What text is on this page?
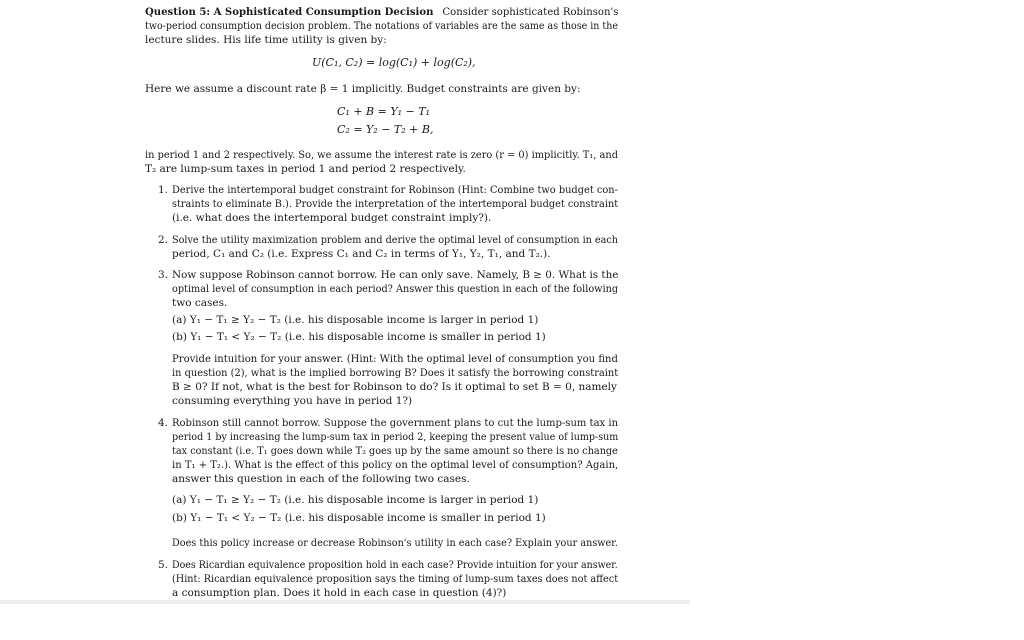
Question 5: A Sophisticated Consumption Decision Consider sophisticated Robinson's
two-period consumption decision problem. The notations of variables are the same as those in the
lecture slides. His life time utility is given by:
U(C₁, C₂) = log(C₁) + log(C₂),
Here we assume a discount rate β = 1 implicitly. Budget constraints are given by:
C₁ + B = Y₁ − T₁
C₂ = Y₂ − T₂ + B,
in period 1 and 2 respectively. So, we assume the interest rate is zero (r = 0) implicitly. T₁, and
T₂ are lump-sum taxes in period 1 and period 2 respectively.
1. Derive the intertemporal budget constraint for Robinson (Hint: Combine two budget con-
straints to eliminate B.). Provide the interpretation of the intertemporal budget constraint
(i.e. what does the intertemporal budget constraint imply?).
2. Solve the utility maximization problem and derive the optimal level of consumption in each
period, C₁ and C₂ (i.e. Express C₁ and C₂ in terms of Y₁, Y₂, T₁, and T₂.).
3. Now suppose Robinson cannot borrow. He can only save. Namely, B ≥ 0. What is the
optimal level of consumption in each period? Answer this question in each of the following
two cases.
(a) Y₁ − T₁ ≥ Y₂ − T₂ (i.e. his disposable income is larger in period 1)
(b) Y₁ − T₁ < Y₂ − T₂ (i.e. his disposable income is smaller in period 1)
Provide intuition for your answer. (Hint: With the optimal level of consumption you find
in question (2), what is the implied borrowing B? Does it satisfy the borrowing constraint
B ≥ 0? If not, what is the best for Robinson to do? Is it optimal to set B = 0, namely
consuming everything you have in period 1?)
4. Robinson still cannot borrow. Suppose the government plans to cut the lump-sum tax in
period 1 by increasing the lump-sum tax in period 2, keeping the present value of lump-sum
tax constant (i.e. T₁ goes down while T₂ goes up by the same amount so there is no change
in T₁ + T₂.). What is the effect of this policy on the optimal level of consumption? Again,
answer this question in each of the following two cases.
(a) Y₁ − T₁ ≥ Y₂ − T₂ (i.e. his disposable income is larger in period 1)
(b) Y₁ − T₁ < Y₂ − T₂ (i.e. his disposable income is smaller in period 1)
Does this policy increase or decrease Robinson's utility in each case? Explain your answer.
5. Does Ricardian equivalence proposition hold in each case? Provide intuition for your answer.
(Hint: Ricardian equivalence proposition says the timing of lump-sum taxes does not affect
a consumption plan. Does it hold in each case in question (4)?)
